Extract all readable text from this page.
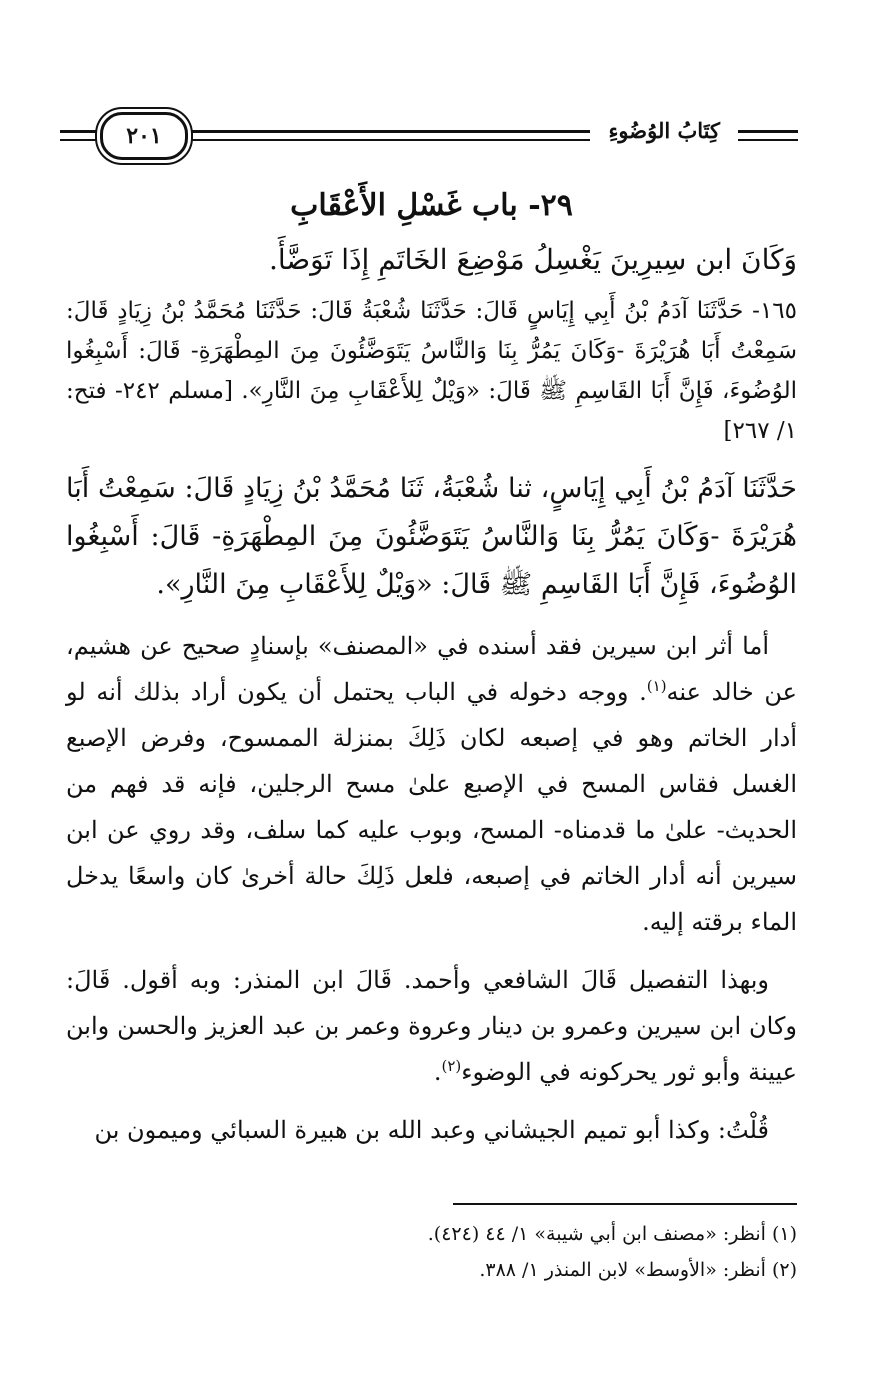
كِتَابُ الوُضُوءِ
٢٠١
٢٩- باب غَسْلِ الأَعْقَابِ
وَكَانَ ابن سِيرِينَ يَغْسِلُ مَوْضِعَ الخَاتَمِ إِذَا تَوَضَّأَ.
١٦٥- حَدَّثَنَا آدَمُ بْنُ أَبِي إِيَاسٍ قَالَ: حَدَّثَنَا شُعْبَةُ قَالَ: حَدَّثَنَا مُحَمَّدُ بْنُ زِيَادٍ قَالَ: سَمِعْتُ أَبَا هُرَيْرَةَ -وَكَانَ يَمُرُّ بِنَا وَالنَّاسُ يَتَوَضَّئُونَ مِنَ المِطْهَرَةِ- قَالَ: أَسْبِغُوا الوُضُوءَ، فَإِنَّ أَبَا القَاسِمِ ﷺ قَالَ: «وَيْلٌ لِلأَعْقَابِ مِنَ النَّارِ». [مسلم ٢٤٢- فتح: ١/ ٢٦٧]
حَدَّثَنَا آدَمُ بْنُ أَبِي إِيَاسٍ، ثنا شُعْبَةُ، ثَنَا مُحَمَّدُ بْنُ زِيَادٍ قَالَ: سَمِعْتُ أَبَا هُرَيْرَةَ -وَكَانَ يَمُرُّ بِنَا وَالنَّاسُ يَتَوَضَّئُونَ مِنَ المِطْهَرَةِ- قَالَ: أَسْبِغُوا الوُضُوءَ، فَإِنَّ أَبَا القَاسِمِ ﷺ قَالَ: «وَيْلٌ لِلأَعْقَابِ مِنَ النَّارِ».
أما أثر ابن سيرين فقد أسنده في «المصنف» بإسنادٍ صحيح عن هشيم، عن خالد عنه$^{(١)}$. ووجه دخوله في الباب يحتمل أن يكون أراد بذلك أنه لو أدار الخاتم وهو في إصبعه لكان ذَلِكَ بمنزلة الممسوح، وفرض الإصبع الغسل فقاس المسح في الإصبع علىٰ مسح الرجلين، فإنه قد فهم من الحديث- علىٰ ما قدمناه- المسح، وبوب عليه كما سلف، وقد روي عن ابن سيرين أنه أدار الخاتم في إصبعه، فلعل ذَلِكَ حالة أخرىٰ كان واسعًا يدخل الماء برقته إليه.
وبهذا التفصيل قَالَ الشافعي وأحمد. قَالَ ابن المنذر: وبه أقول. قَالَ: وكان ابن سيرين وعمرو بن دينار وعروة وعمر بن عبد العزيز والحسن وابن عيينة وأبو ثور يحركونه في الوضوء$^{(٢)}$.
قُلْتُ: وكذا أبو تميم الجيشاني وعبد الله بن هبيرة السبائي وميمون بن
(١) أنظر: «مصنف ابن أبي شيبة» ١/ ٤٤ (٤٢٤).
(٢) أنظر: «الأوسط» لابن المنذر ١/ ٣٨٨.
